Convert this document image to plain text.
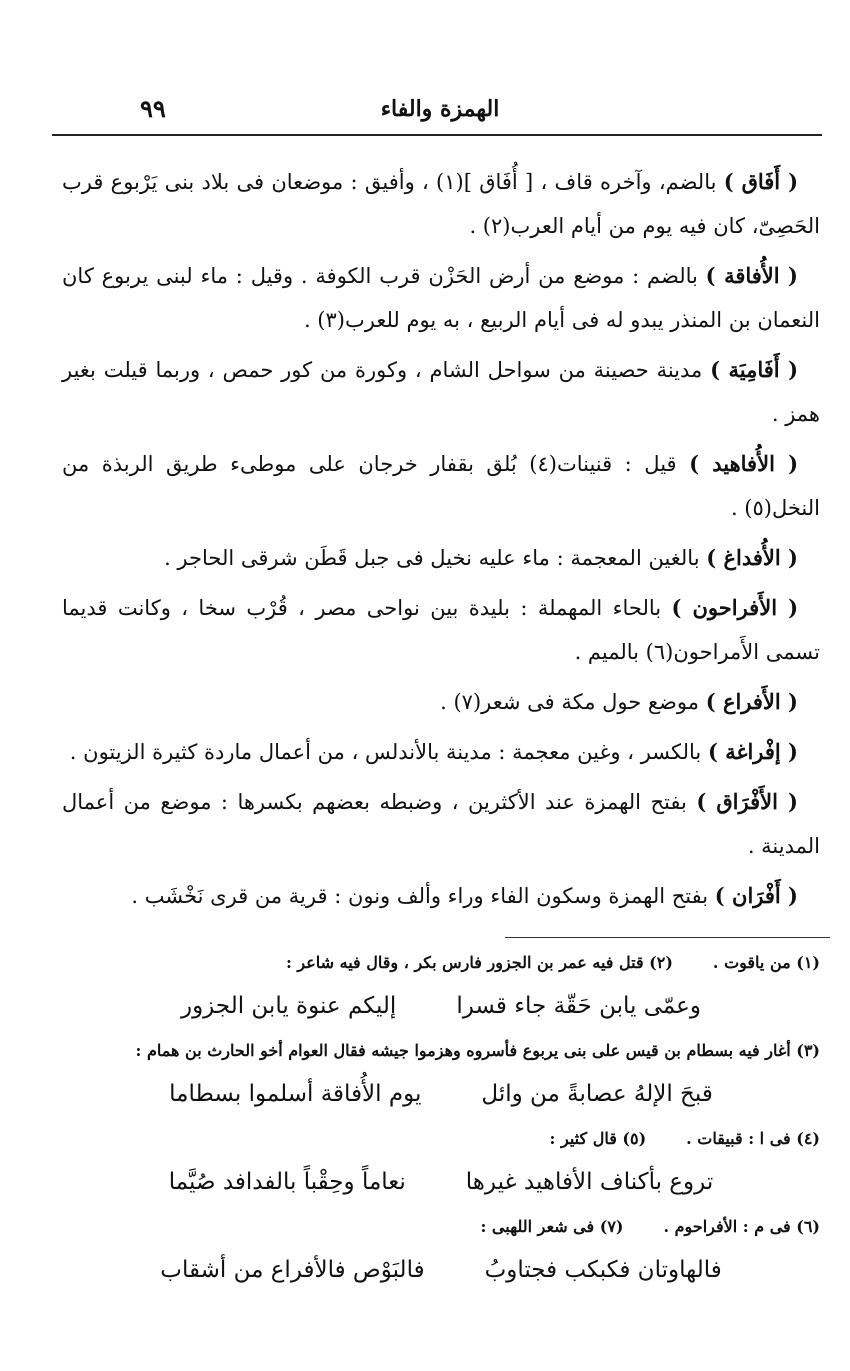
الهمزة والفاء
٩٩

( أَفَاق ) بالضم، وآخره قاف ، [ أُفَاق ](١) ، وأفيق : موضعان فى بلاد بنى يَرْبوع قرب الحَصِىّ، كان فيه يوم من أيام العرب(٢) .

( الأُفاقة ) بالضم : موضع من أرض الحَزْن قرب الكوفة . وقيل : ماء لبنى يربوع كان النعمان بن المنذر يبدو له فى أيام الربيع ، به يوم للعرب(٣) .

( أَفَامِيَة ) مدينة حصينة من سواحل الشام ، وكورة من كور حمص ، وربما قيلت بغير همز .

( الأُفاهيد ) قيل : قنينات(٤) بُلق بقفار خرجان على موطىء طريق الربذة من النخل(٥) .

( الأُفداغ ) بالغين المعجمة : ماء عليه نخيل فى جبل قَطَن شرقى الحاجر .

( الأَفراحون ) بالحاء المهملة : بليدة بين نواحى مصر ، قُرْب سخا ، وكانت قديما تسمى الأَمراحون(٦) بالميم .

( الأَفراع ) موضع حول مكة فى شعر(٧) .

( إفْراغة ) بالكسر ، وغين معجمة : مدينة بالأندلس ، من أعمال ماردة كثيرة الزيتون .

( الأَفْرَاق ) بفتح الهمزة عند الأكثرين ، وضبطه بعضهم بكسرها : موضع من أعمال المدينة .

( أَفْرَان ) بفتح الهمزة وسكون الفاء وراء وألف ونون : قرية من قرى نَخْشَب .

(١) من ياقوت .(٢) قتل فيه عمر بن الجزور فارس بكر ، وقال فيه شاعر :
وعمّى يابن حَقّة جاء قسراإليكم عنوة يابن الجزور
(٣) أغار فيه بسطام بن قيس على بنى يربوع فأسروه وهزموا جيشه فقال العوام أخو الحارث بن همام :
قبحَ الإلهُ عصابةً من وائليوم الأُفاقة أسلموا بسطاما
(٤) فى ا : قبيقات .(٥) قال كثير :
تروع بأكناف الأفاهيد غيرهانعاماً وحِقْباً بالفدافد صُيَّما
(٦) فى م : الأفراحوم .(٧) فى شعر اللهبى :
فالهاوتان فكبكب فجتاوبُفالبَوْص فالأفراع من أشقاب
